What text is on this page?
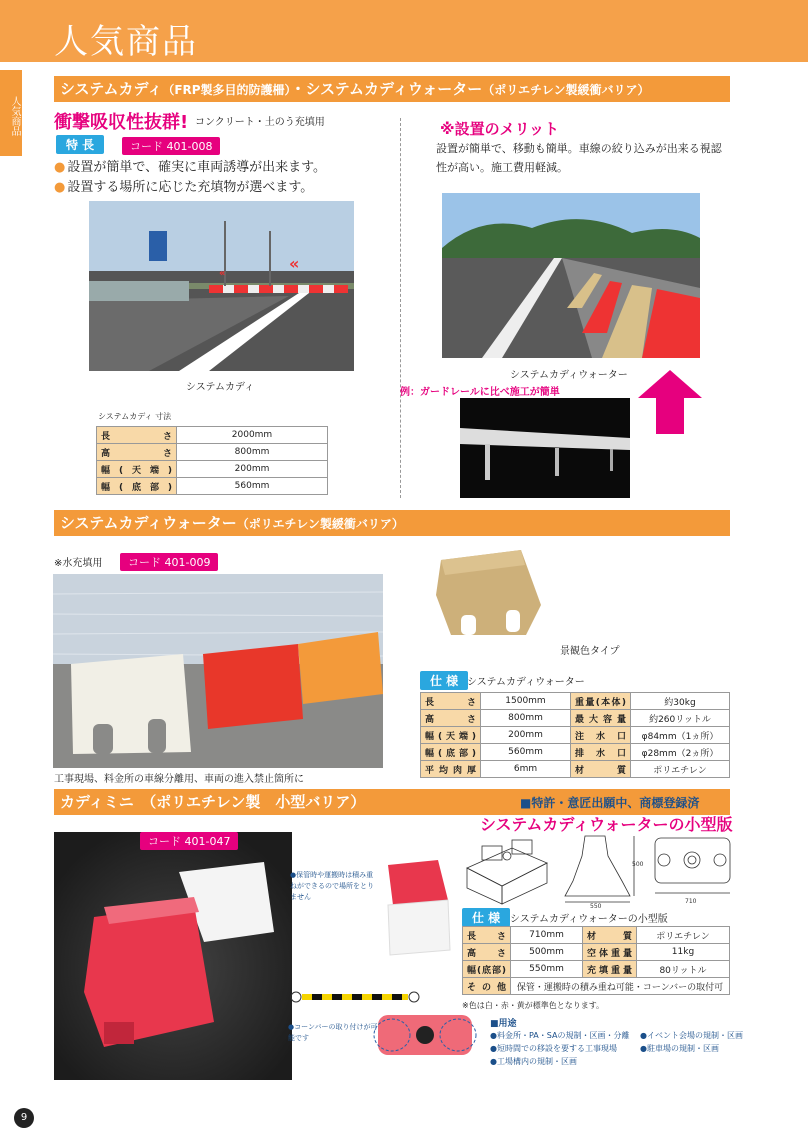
人気商品
人気商品
システムカディ（FRP製多目的防護柵）・システムカディウォーター（ポリエチレン製緩衝バリア）
衝撃吸収性抜群! コンクリート・土のう充填用
特 長	コード 401-008
● 設置が簡単で、確実に車両誘導が出来ます。
● 設置する場所に応じた充填物が選べます。
«
«
システムカディ
システムカディ 寸法
長　さ	2000mm
高　さ	800mm
幅(天端)	200mm
幅(底部)	560mm
※設置のメリット
設置が簡単で、移動も簡単。車線の絞り込みが出来る視認性が高い。施工費用軽減。
システムカディウォーター
例：ガードレールに比べ施工が簡単
システムカディウォーター（ポリエチレン製緩衝バリア）
※水充填用	コード 401-009
工事現場、料金所の車線分離用、車両の進入禁止箇所に
景観色タイプ
仕 様 システムカディウォーター
長　さ	1500mm	重量(本体)	約30kg
高　さ	800mm	最大容量	約260リットル
幅(天端)	200mm	注水口	φ84mm（1ヵ所）
幅(底部)	560mm	排水口	φ28mm（2ヵ所）
平均肉厚	6mm	材　質	ポリエチレン
カディミニ　（ポリエチレン製　小型バリア）	■特許・意匠出願中、商標登録済
システムカディウォーターの小型版
コード 401-047
●保管時や運搬時は積み重ねができるので場所をとりません
●コーンバーの取り付けが可能です
500
550
710
仕 様 システムカディウォーターの小型版
長　さ	710mm	材　質	ポリエチレン
高　さ	500mm	空体重量	11kg
幅(底部)	550mm	充填重量	80リットル
その他	保管・運搬時の積み重ね可能・コーンバーの取付可		
※色は白・赤・黄が標準色となります。
■用途
●料金所・PA・SAの規制・区画・分離
●短時間での移設を要する工事現場
●工場構内の規制・区画
●イベント会場の規制・区画
●駐車場の規制・区画
9
